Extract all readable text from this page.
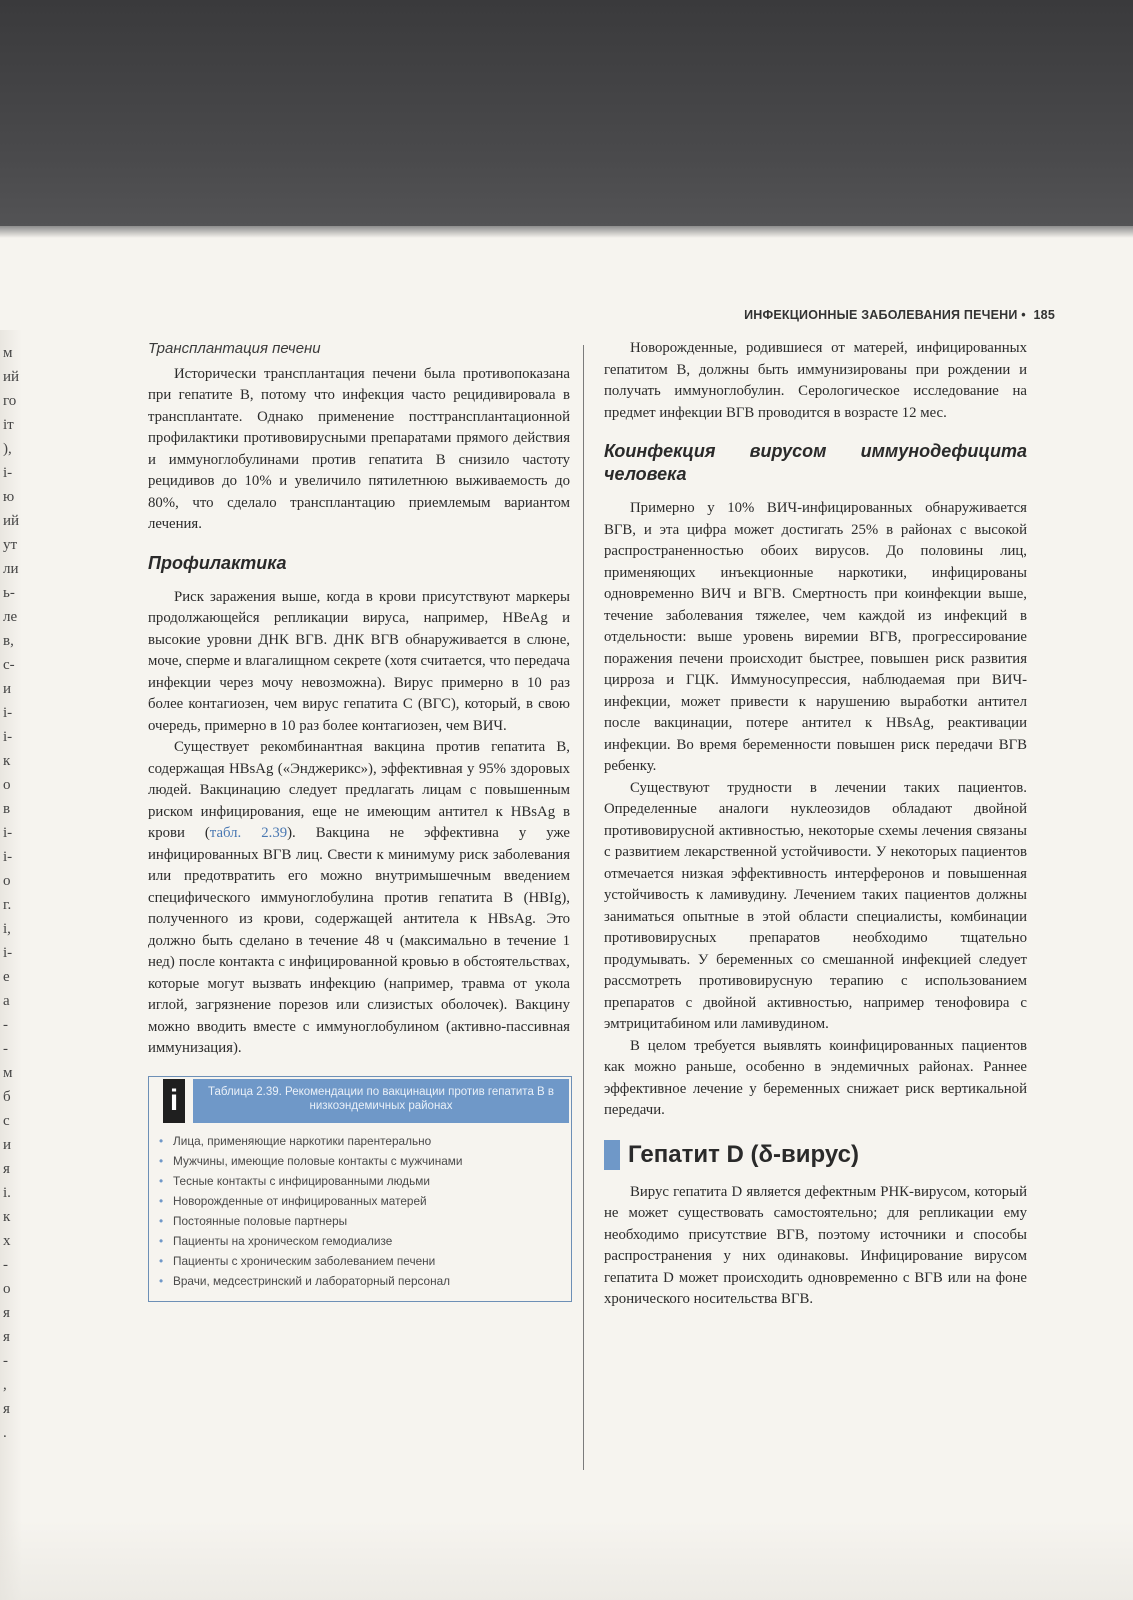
ИНФЕКЦИОННЫЕ ЗАБОЛЕВАНИЯ ПЕЧЕНИ • 185
Трансплантация печени

Исторически трансплантация печени была противопоказана при гепатите B, потому что инфекция часто рецидивировала в трансплантате. Однако применение посттрансплантационной профилактики противовирусными препаратами прямого действия и иммуноглобулинами против гепатита B снизило частоту рецидивов до 10% и увеличило пятилетнюю выживаемость до 80%, что сделало трансплантацию приемлемым вариантом лечения.

Профилактика

Риск заражения выше, когда в крови присутствуют маркеры продолжающейся репликации вируса, например, HBeAg и высокие уровни ДНК ВГВ. ДНК ВГВ обнаруживается в слюне, моче, сперме и влагалищном секрете (хотя считается, что передача инфекции через мочу невозможна). Вирус примерно в 10 раз более контагиозен, чем вирус гепатита C (ВГС), который, в свою очередь, примерно в 10 раз более контагиозен, чем ВИЧ.

Существует рекомбинантная вакцина против гепатита B, содержащая HBsAg («Энджерикс»), эффективная у 95% здоровых людей. Вакцинацию следует предлагать лицам с повышенным риском инфицирования, еще не имеющим антител к HBsAg в крови (табл. 2.39). Вакцина не эффективна у уже инфицированных ВГВ лиц. Свести к минимуму риск заболевания или предотвратить его можно внутримышечным введением специфического иммуноглобулина против гепатита B (HBIg), полученного из крови, содержащей антитела к HBsAg. Это должно быть сделано в течение 48 ч (максимально в течение 1 нед) после контакта с инфицированной кровью в обстоятельствах, которые могут вызвать инфекцию (например, травма от укола иглой, загрязнение порезов или слизистых оболочек). Вакцину можно вводить вместе с иммуноглобулином (активно-пассивная иммунизация).

i	Таблица 2.39. Рекомендации по вакцинации против гепатита B в низкоэндемичных районах
• Лица, применяющие наркотики парентерально
• Мужчины, имеющие половые контакты с мужчинами
• Тесные контакты с инфицированными людьми
• Новорожденные от инфицированных матерей
• Постоянные половые партнеры
• Пациенты на хроническом гемодиализе
• Пациенты с хроническим заболеванием печени
• Врачи, медсестринский и лабораторный персонал

Новорожденные, родившиеся от матерей, инфицированных гепатитом B, должны быть иммунизированы при рождении и получать иммуноглобулин. Серологическое исследование на предмет инфекции ВГВ проводится в возрасте 12 мес.

Коинфекция вирусом иммунодефицита человека

Примерно у 10% ВИЧ-инфицированных обнаруживается ВГВ, и эта цифра может достигать 25% в районах с высокой распространенностью обоих вирусов. До половины лиц, применяющих инъекционные наркотики, инфицированы одновременно ВИЧ и ВГВ. Смертность при коинфекции выше, течение заболевания тяжелее, чем каждой из инфекций в отдельности: выше уровень виремии ВГВ, прогрессирование поражения печени происходит быстрее, повышен риск развития цирроза и ГЦК. Иммуносупрессия, наблюдаемая при ВИЧ-инфекции, может привести к нарушению выработки антител после вакцинации, потере антител к HBsAg, реактивации инфекции. Во время беременности повышен риск передачи ВГВ ребенку.

Существуют трудности в лечении таких пациентов. Определенные аналоги нуклеозидов обладают двойной противовирусной активностью, некоторые схемы лечения связаны с развитием лекарственной устойчивости. У некоторых пациентов отмечается низкая эффективность интерферонов и повышенная устойчивость к ламивудину. Лечением таких пациентов должны заниматься опытные в этой области специалисты, комбинации противовирусных препаратов необходимо тщательно продумывать. У беременных со смешанной инфекцией следует рассмотреть противовирусную терапию с использованием препаратов с двойной активностью, например тенофовира с эмтрицитабином или ламивудином.

В целом требуется выявлять коинфицированных пациентов как можно раньше, особенно в эндемичных районах. Раннее эффективное лечение у беременных снижает риск вертикальной передачи.

Гепатит D (δ-вирус)

Вирус гепатита D является дефектным РНК-вирусом, который не может существовать самостоятельно; для репликации ему необходимо присутствие ВГВ, поэтому источники и способы распространения у них одинаковы. Инфицирование вирусом гепатита D может происходить одновременно с ВГВ или на фоне хронического носительства ВГВ.

м
ий
го
іт
),
і-
ю
ий
ут
ли
ь-
ле
в,
с-
и
і-
і-
к
о
в
і-
і-
о
г.
і,
і-
е
а
-
-
м
б
с
и
я
і.
к
х
-
о
я
я
-
,
я
.
